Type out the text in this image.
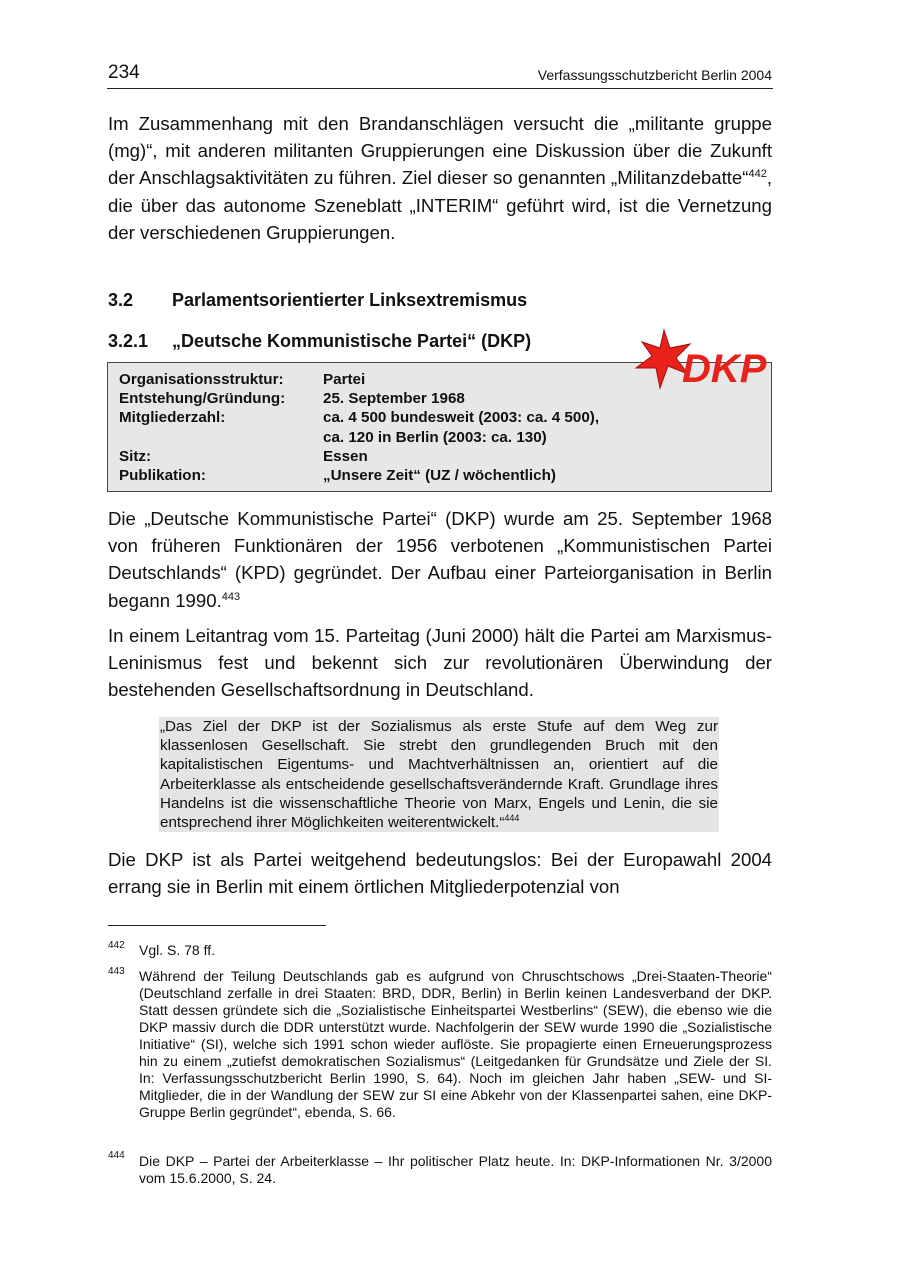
234	Verfassungsschutzbericht Berlin 2004
Im Zusammenhang mit den Brandanschlägen versucht die „militante gruppe (mg)“, mit anderen militanten Gruppierungen eine Diskussion über die Zukunft der Anschlagsaktivitäten zu führen. Ziel dieser so genannten „Militanzdebatte“$^{442}$, die über das autonome Szeneblatt „INTERIM“ geführt wird, ist die Vernetzung der verschiedenen Gruppierungen.
3.2 Parlamentsorientierter Linksextremismus
3.2.1 „Deutsche Kommunistische Partei“ (DKP)
Organisationsstruktur:	Partei
Entstehung/Gründung: 25. September 1968
Mitgliederzahl:	ca. 4 500 bundesweit (2003: ca. 4 500),
ca. 120 in Berlin (2003: ca. 130)
Sitz:	Essen
Publikation:	„Unsere Zeit“ (UZ / wöchentlich)
DKP
Die „Deutsche Kommunistische Partei“ (DKP) wurde am 25. September 1968 von früheren Funktionären der 1956 verbotenen „Kommunistischen Partei Deutschlands“ (KPD) gegründet. Der Aufbau einer Parteiorganisation in Berlin begann 1990.$^{443}$
In einem Leitantrag vom 15. Parteitag (Juni 2000) hält die Partei am Marxismus-Leninismus fest und bekennt sich zur revolutionären Überwindung der bestehenden Gesellschaftsordnung in Deutschland.
„Das Ziel der DKP ist der Sozialismus als erste Stufe auf dem Weg zur klassenlosen Gesellschaft. Sie strebt den grundlegenden Bruch mit den kapitalistischen Eigentums- und Machtverhältnissen an, orientiert auf die Arbeiterklasse als entscheidende gesellschaftsverändernde Kraft. Grundlage ihres Handelns ist die wissenschaftliche Theorie von Marx, Engels und Lenin, die sie entsprechend ihrer Möglichkeiten weiterentwickelt.“$^{444}$
Die DKP ist als Partei weitgehend bedeutungslos: Bei der Europawahl 2004 errang sie in Berlin mit einem örtlichen Mitgliederpotenzial von
442 Vgl. S. 78 ff.
443 Während der Teilung Deutschlands gab es aufgrund von Chruschtschows „Drei-Staaten-Theorie“ (Deutschland zerfalle in drei Staaten: BRD, DDR, Berlin) in Berlin keinen Landesverband der DKP. Statt dessen gründete sich die „Sozialistische Einheitspartei Westberlins“ (SEW), die ebenso wie die DKP massiv durch die DDR unterstützt wurde. Nachfolgerin der SEW wurde 1990 die „Sozialistische Initiative“ (SI), welche sich 1991 schon wieder auflöste. Sie propagierte einen Erneuerungsprozess hin zu einem „zutiefst demokratischen Sozialismus“ (Leitgedanken für Grundsätze und Ziele der SI. In: Verfassungsschutzbericht Berlin 1990, S. 64). Noch im gleichen Jahr haben „SEW- und SI-Mitglieder, die in der Wandlung der SEW zur SI eine Abkehr von der Klassenpartei sahen, eine DKP-Gruppe Berlin gegründet“, ebenda, S. 66.
444 Die DKP – Partei der Arbeiterklasse – Ihr politischer Platz heute. In: DKP-Informationen Nr. 3/2000 vom 15.6.2000, S. 24.
